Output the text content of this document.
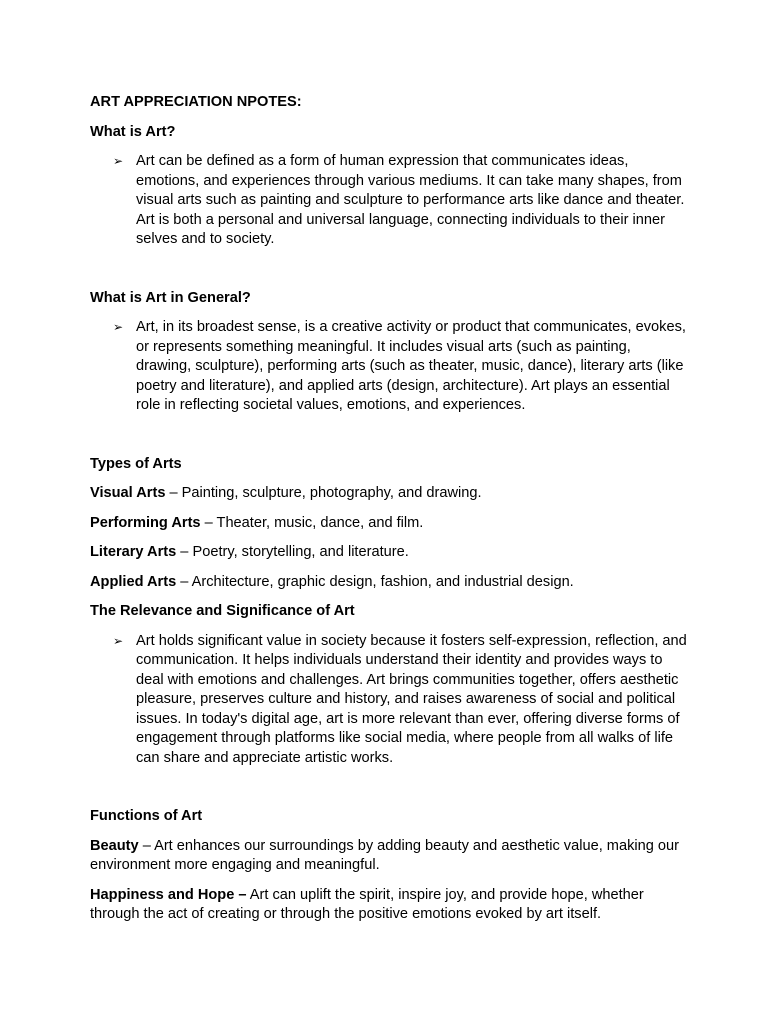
ART APPRECIATION NPOTES:

What is Art?

➢ Art can be defined as a form of human expression that communicates ideas, emotions, and experiences through various mediums. It can take many shapes, from visual arts such as painting and sculpture to performance arts like dance and theater. Art is both a personal and universal language, connecting individuals to their inner selves and to society.

What is Art in General?

➢ Art, in its broadest sense, is a creative activity or product that communicates, evokes, or represents something meaningful. It includes visual arts (such as painting, drawing, sculpture), performing arts (such as theater, music, dance), literary arts (like poetry and literature), and applied arts (design, architecture). Art plays an essential role in reflecting societal values, emotions, and experiences.

Types of Arts

Visual Arts – Painting, sculpture, photography, and drawing.

Performing Arts – Theater, music, dance, and film.

Literary Arts – Poetry, storytelling, and literature.

Applied Arts – Architecture, graphic design, fashion, and industrial design.

The Relevance and Significance of Art

➢ Art holds significant value in society because it fosters self-expression, reflection, and communication. It helps individuals understand their identity and provides ways to deal with emotions and challenges. Art brings communities together, offers aesthetic pleasure, preserves culture and history, and raises awareness of social and political issues. In today's digital age, art is more relevant than ever, offering diverse forms of engagement through platforms like social media, where people from all walks of life can share and appreciate artistic works.

Functions of Art

Beauty – Art enhances our surroundings by adding beauty and aesthetic value, making our environment more engaging and meaningful.

Happiness and Hope – Art can uplift the spirit, inspire joy, and provide hope, whether through the act of creating or through the positive emotions evoked by art itself.
